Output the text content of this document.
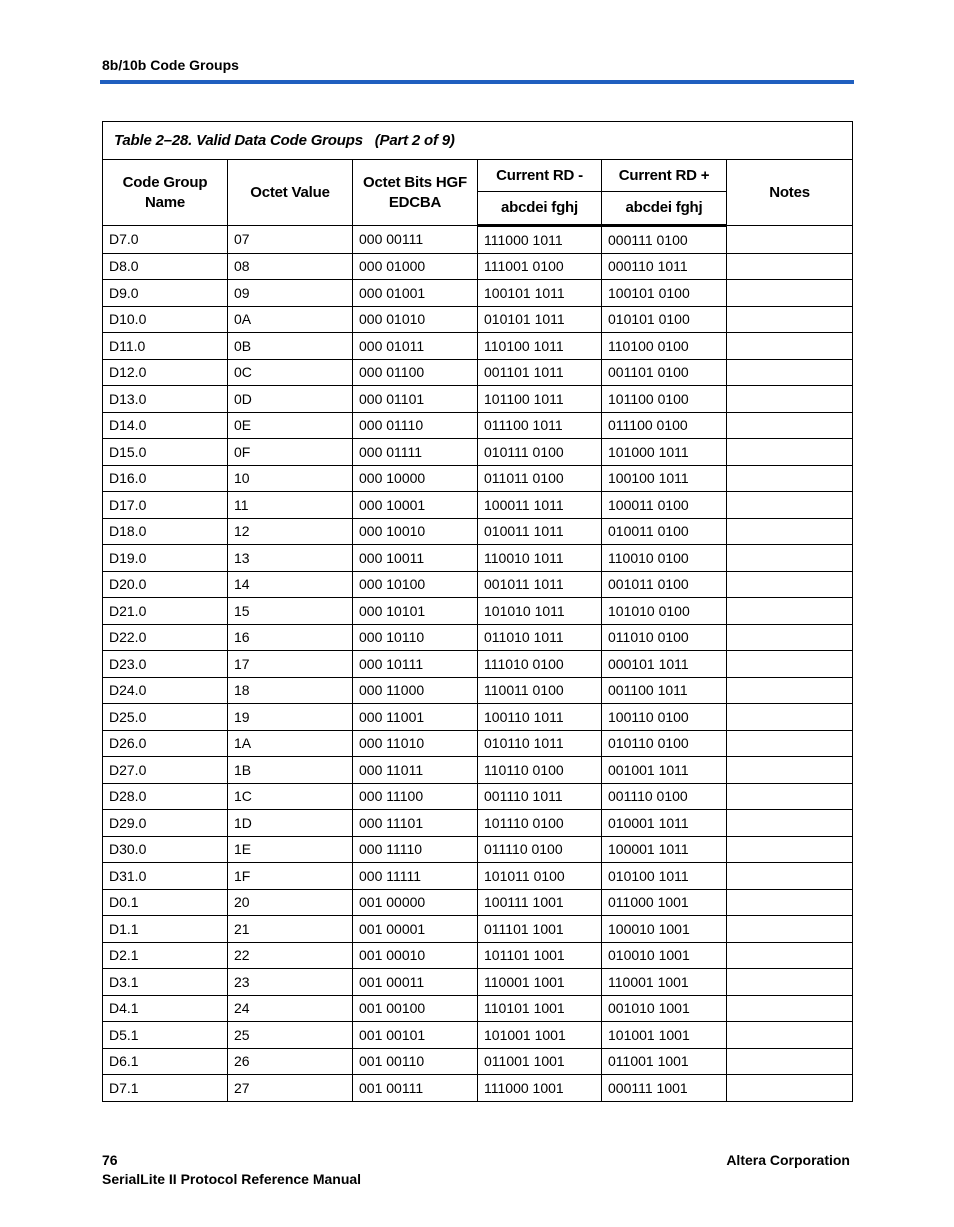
8b/10b Code Groups
Table 2–28. Valid Data Code Groups   (Part 2 of 9)					
Code Group Name	Octet Value	Octet Bits HGF EDCBA	Current RD -	Current RD +	Notes
			abcdei fghj	abcdei fghj	
D7.0	07	000 00111	111000 1011	000111 0100	
D8.0	08	000 01000	111001 0100	000110 1011	
D9.0	09	000 01001	100101 1011	100101 0100	
D10.0	0A	000 01010	010101 1011	010101 0100	
D11.0	0B	000 01011	110100 1011	110100 0100	
D12.0	0C	000 01100	001101 1011	001101 0100	
D13.0	0D	000 01101	101100 1011	101100 0100	
D14.0	0E	000 01110	011100 1011	011100 0100	
D15.0	0F	000 01111	010111 0100	101000 1011	
D16.0	10	000 10000	011011 0100	100100 1011	
D17.0	11	000 10001	100011 1011	100011 0100	
D18.0	12	000 10010	010011 1011	010011 0100	
D19.0	13	000 10011	110010 1011	110010 0100	
D20.0	14	000 10100	001011 1011	001011 0100	
D21.0	15	000 10101	101010 1011	101010 0100	
D22.0	16	000 10110	011010 1011	011010 0100	
D23.0	17	000 10111	111010 0100	000101 1011	
D24.0	18	000 11000	110011 0100	001100 1011	
D25.0	19	000 11001	100110 1011	100110 0100	
D26.0	1A	000 11010	010110 1011	010110 0100	
D27.0	1B	000 11011	110110 0100	001001 1011	
D28.0	1C	000 11100	001110 1011	001110 0100	
D29.0	1D	000 11101	101110 0100	010001 1011	
D30.0	1E	000 11110	011110 0100	100001 1011	
D31.0	1F	000 11111	101011 0100	010100 1011	
D0.1	20	001 00000	100111 1001	011000 1001	
D1.1	21	001 00001	011101 1001	100010 1001	
D2.1	22	001 00010	101101 1001	010010 1001	
D3.1	23	001 00011	110001 1001	110001 1001	
D4.1	24	001 00100	110101 1001	001010 1001	
D5.1	25	001 00101	101001 1001	101001 1001	
D6.1	26	001 00110	011001 1001	011001 1001	
D7.1	27	001 00111	111000 1001	000111 1001	
76
SerialLite II Protocol Reference Manual
Altera Corporation
